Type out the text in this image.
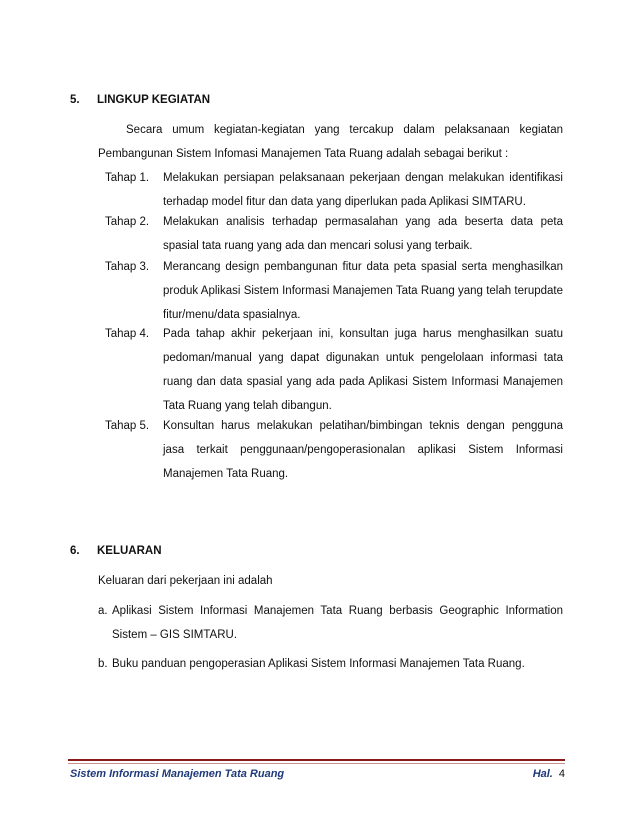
5. LINGKUP KEGIATAN
Secara umum kegiatan-kegiatan yang tercakup dalam pelaksanaan kegiatan Pembangunan Sistem Infomasi Manajemen Tata Ruang adalah sebagai berikut :
Tahap 1.	Melakukan persiapan pelaksanaan pekerjaan dengan melakukan identifikasi terhadap model fitur dan data yang diperlukan pada Aplikasi SIMTARU.
Tahap 2.	Melakukan analisis terhadap permasalahan yang ada beserta data peta spasial tata ruang yang ada dan mencari solusi yang terbaik.
Tahap 3.	Merancang design pembangunan fitur data peta spasial serta menghasilkan produk Aplikasi Sistem Informasi Manajemen Tata Ruang yang telah terupdate fitur/menu/data spasialnya.
Tahap 4.	Pada tahap akhir pekerjaan ini, konsultan juga harus menghasilkan suatu pedoman/manual yang dapat digunakan untuk pengelolaan informasi tata ruang dan data spasial yang ada pada Aplikasi Sistem Informasi Manajemen Tata Ruang yang telah dibangun.
Tahap 5.	Konsultan harus melakukan pelatihan/bimbingan teknis dengan pengguna jasa terkait penggunaan/pengoperasionalan aplikasi Sistem Informasi Manajemen Tata Ruang.
6. KELUARAN
Keluaran dari pekerjaan ini adalah
a. Aplikasi Sistem Informasi Manajemen Tata Ruang berbasis Geographic Information Sistem – GIS SIMTARU.
b. Buku panduan pengoperasian Aplikasi Sistem Informasi Manajemen Tata Ruang.
Sistem Informasi Manajemen Tata Ruang	Hal. 4
